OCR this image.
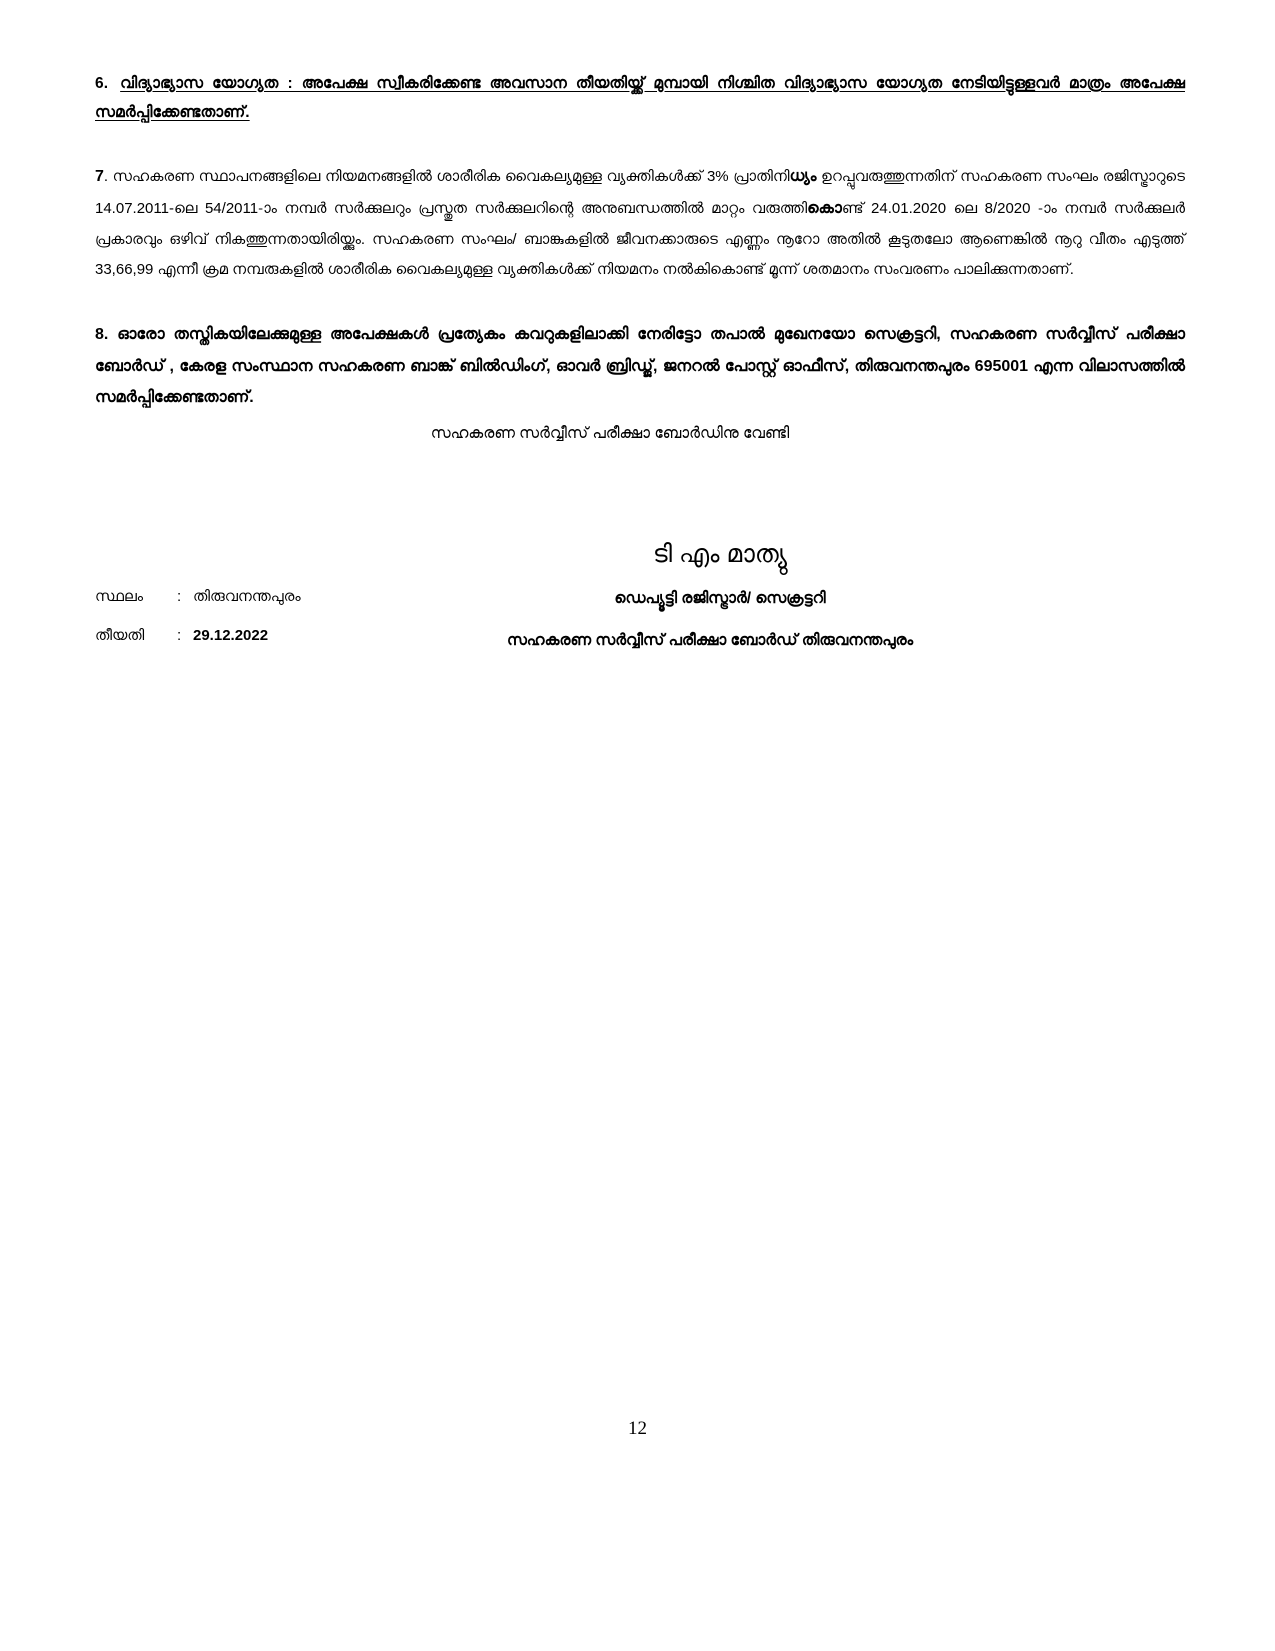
6. വിദ്യാഭ്യാസ യോഗ്യത : അപേക്ഷ സ്വീകരിക്കേണ്ട അവസാന തീയതിയ്ക്ക് മുമ്പായി നിശ്ചിത വിദ്യാഭ്യാസ യോഗ്യത നേടിയിട്ടുള്ളവർ മാത്രം അപേക്ഷ സമർപ്പിക്കേണ്ടതാണ്.

7. സഹകരണ സ്ഥാപനങ്ങളിലെ നിയമനങ്ങളിൽ ശാരീരിക വൈകല്യമുള്ള വ്യക്തികൾക്ക് 3% പ്രാതിനിധ്യം ഉറപ്പുവരുത്തുന്നതിന് സഹകരണ സംഘം രജിസ്ട്രാറുടെ 14.07.2011-ലെ 54/2011-ാം നമ്പർ സർക്കുലറും പ്രസ്തുത സർക്കുലറിന്റെ അനുബന്ധത്തിൽ മാറ്റം വരുത്തികൊണ്ട് 24.01.2020 ലെ 8/2020 -ാം നമ്പർ സർക്കുലർ പ്രകാരവും ഒഴിവ് നികത്തുന്നതായിരിയ്ക്കും. സഹകരണ സംഘം/ ബാങ്കുകളിൽ ജീവനക്കാരുടെ എണ്ണം നൂറോ അതിൽ കൂടുതലോ ആണെങ്കിൽ നൂറു വീതം എടുത്ത് 33,66,99 എന്നീ ക്രമ നമ്പരുകളിൽ ശാരീരിക വൈകല്യമുള്ള വ്യക്തികൾക്ക് നിയമനം നൽകികൊണ്ട് മൂന്ന് ശതമാനം സംവരണം പാലിക്കുന്നതാണ്.

8. ഓരോ തസ്തികയിലേക്കുമുള്ള അപേക്ഷകൾ പ്രത്യേകം കവറുകളിലാക്കി നേരിട്ടോ തപാൽ മുഖേനയോ സെക്രട്ടറി, സഹകരണ സർവ്വീസ് പരീക്ഷാ ബോർഡ് , കേരള സംസ്ഥാന സഹകരണ ബാങ്ക് ബിൽഡിംഗ്, ഓവർ ബ്രിഡ്ജ്, ജനറൽ പോസ്റ്റ് ഓഫീസ്, തിരുവനന്തപുരം 695001 എന്ന വിലാസത്തിൽ സമർപ്പിക്കേണ്ടതാണ്.

സഹകരണ സർവ്വീസ് പരീക്ഷാ ബോർഡിനു വേണ്ടി
ടി എം മാത്യു
ഡെപ്യൂട്ടി രജിസ്ട്രാർ/ സെക്രട്ടറി
സഹകരണ സർവ്വീസ് പരീക്ഷാ ബോർഡ് തിരുവനന്തപുരം
സ്ഥലം	: തിരുവനന്തപുരം
തീയതി	: 29.12.2022
12
